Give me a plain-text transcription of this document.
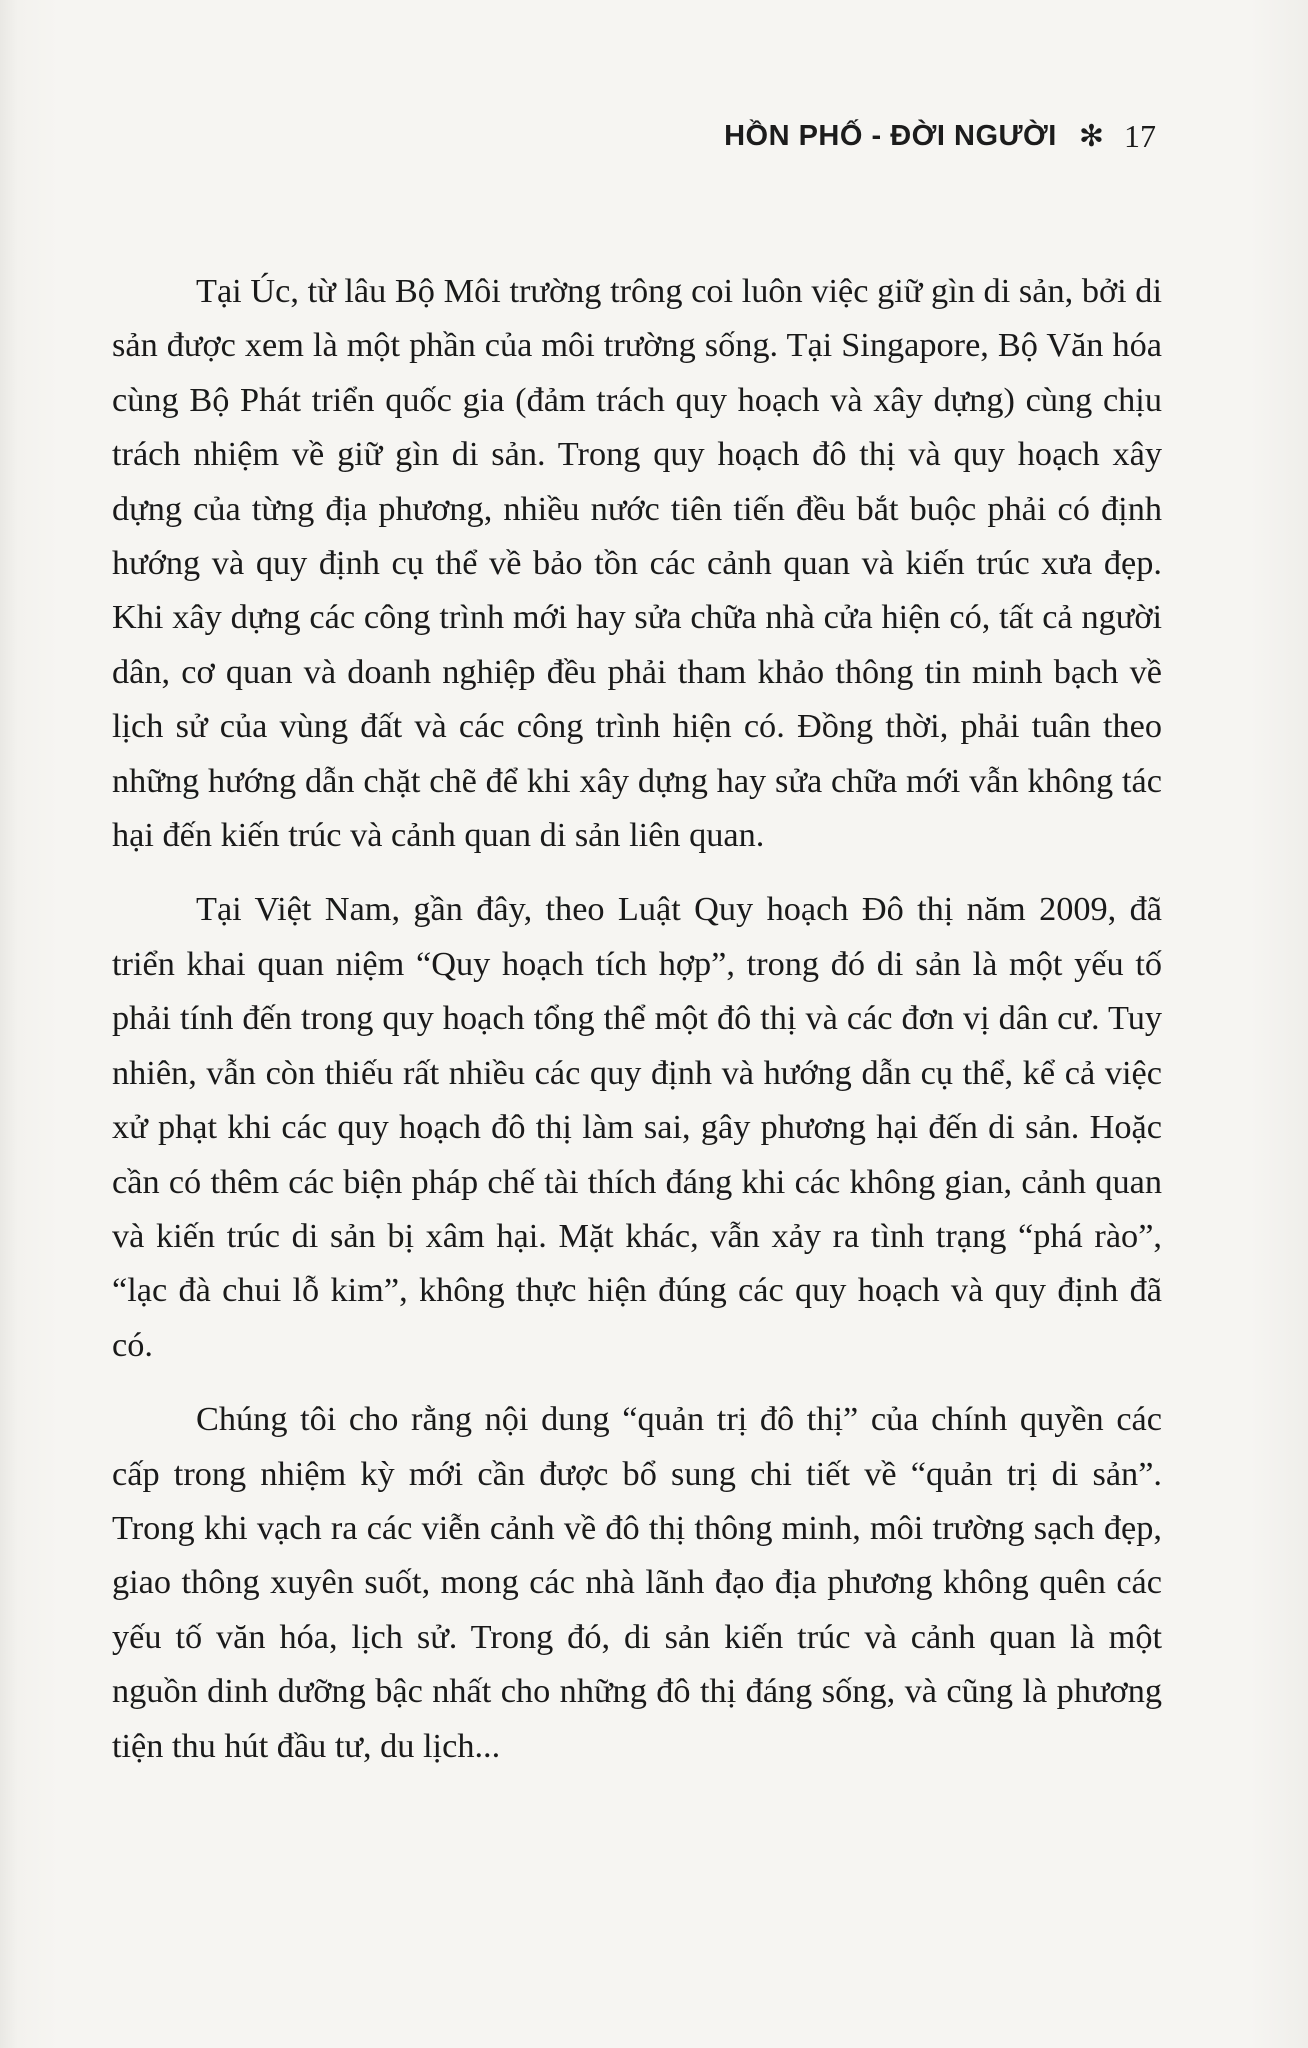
HỒN PHỐ - ĐỜI NGƯỜI ✻ 17

Tại Úc, từ lâu Bộ Môi trường trông coi luôn việc giữ gìn di sản, bởi di sản được xem là một phần của môi trường sống. Tại Singapore, Bộ Văn hóa cùng Bộ Phát triển quốc gia (đảm trách quy hoạch và xây dựng) cùng chịu trách nhiệm về giữ gìn di sản. Trong quy hoạch đô thị và quy hoạch xây dựng của từng địa phương, nhiều nước tiên tiến đều bắt buộc phải có định hướng và quy định cụ thể về bảo tồn các cảnh quan và kiến trúc xưa đẹp. Khi xây dựng các công trình mới hay sửa chữa nhà cửa hiện có, tất cả người dân, cơ quan và doanh nghiệp đều phải tham khảo thông tin minh bạch về lịch sử của vùng đất và các công trình hiện có. Đồng thời, phải tuân theo những hướng dẫn chặt chẽ để khi xây dựng hay sửa chữa mới vẫn không tác hại đến kiến trúc và cảnh quan di sản liên quan.

Tại Việt Nam, gần đây, theo Luật Quy hoạch Đô thị năm 2009, đã triển khai quan niệm “Quy hoạch tích hợp”, trong đó di sản là một yếu tố phải tính đến trong quy hoạch tổng thể một đô thị và các đơn vị dân cư. Tuy nhiên, vẫn còn thiếu rất nhiều các quy định và hướng dẫn cụ thể, kể cả việc xử phạt khi các quy hoạch đô thị làm sai, gây phương hại đến di sản. Hoặc cần có thêm các biện pháp chế tài thích đáng khi các không gian, cảnh quan và kiến trúc di sản bị xâm hại. Mặt khác, vẫn xảy ra tình trạng “phá rào”, “lạc đà chui lỗ kim”, không thực hiện đúng các quy hoạch và quy định đã có.

Chúng tôi cho rằng nội dung “quản trị đô thị” của chính quyền các cấp trong nhiệm kỳ mới cần được bổ sung chi tiết về “quản trị di sản”. Trong khi vạch ra các viễn cảnh về đô thị thông minh, môi trường sạch đẹp, giao thông xuyên suốt, mong các nhà lãnh đạo địa phương không quên các yếu tố văn hóa, lịch sử. Trong đó, di sản kiến trúc và cảnh quan là một nguồn dinh dưỡng bậc nhất cho những đô thị đáng sống, và cũng là phương tiện thu hút đầu tư, du lịch...
